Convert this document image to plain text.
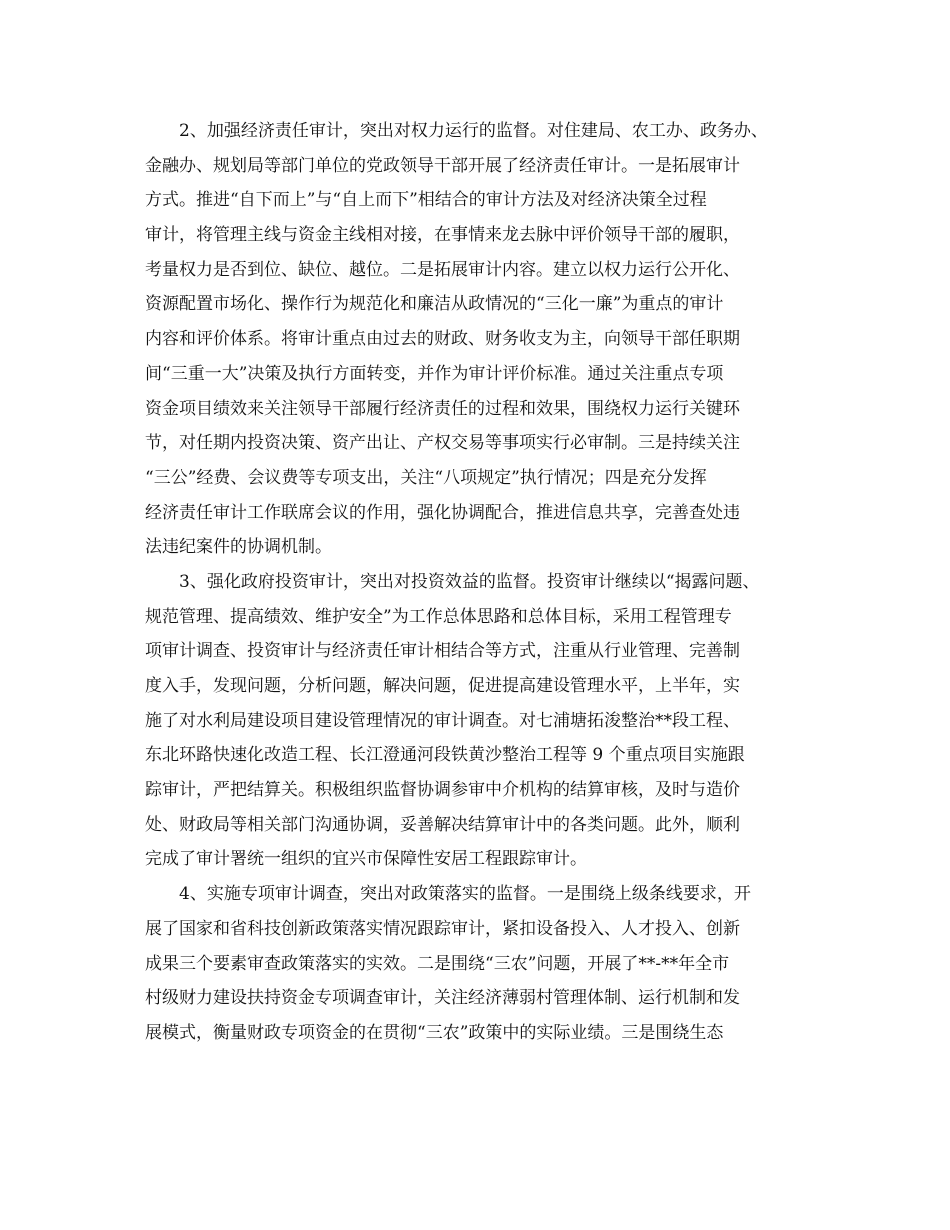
2、加强经济责任审计，突出对权力运行的监督。对住建局、农工办、政务办、
金融办、规划局等部门单位的党政领导干部开展了经济责任审计。一是拓展审计
方式。推进“自下而上”与“自上而下”相结合的审计方法及对经济决策全过程
审计，将管理主线与资金主线相对接，在事情来龙去脉中评价领导干部的履职，
考量权力是否到位、缺位、越位。二是拓展审计内容。建立以权力运行公开化、
资源配置市场化、操作行为规范化和廉洁从政情况的“三化一廉”为重点的审计
内容和评价体系。将审计重点由过去的财政、财务收支为主，向领导干部任职期
间“三重一大”决策及执行方面转变，并作为审计评价标准。通过关注重点专项
资金项目绩效来关注领导干部履行经济责任的过程和效果，围绕权力运行关键环
节，对任期内投资决策、资产出让、产权交易等事项实行必审制。三是持续关注
“三公”经费、会议费等专项支出，关注“八项规定”执行情况；四是充分发挥
经济责任审计工作联席会议的作用，强化协调配合，推进信息共享，完善查处违
法违纪案件的协调机制。

3、强化政府投资审计，突出对投资效益的监督。投资审计继续以“揭露问题、
规范管理、提高绩效、维护安全”为工作总体思路和总体目标，采用工程管理专
项审计调查、投资审计与经济责任审计相结合等方式，注重从行业管理、完善制
度入手，发现问题，分析问题，解决问题，促进提高建设管理水平，上半年，实
施了对水利局建设项目建设管理情况的审计调查。对七浦塘拓浚整治**段工程、
东北环路快速化改造工程、长江澄通河段铁黄沙整治工程等 9 个重点项目实施跟
踪审计，严把结算关。积极组织监督协调参审中介机构的结算审核，及时与造价
处、财政局等相关部门沟通协调，妥善解决结算审计中的各类问题。此外，顺利
完成了审计署统一组织的宜兴市保障性安居工程跟踪审计。

4、实施专项审计调查，突出对政策落实的监督。一是围绕上级条线要求，开
展了国家和省科技创新政策落实情况跟踪审计，紧扣设备投入、人才投入、创新
成果三个要素审查政策落实的实效。二是围绕“三农”问题，开展了**-**年全市
村级财力建设扶持资金专项调查审计，关注经济薄弱村管理体制、运行机制和发
展模式，衡量财政专项资金的在贯彻“三农”政策中的实际业绩。三是围绕生态
